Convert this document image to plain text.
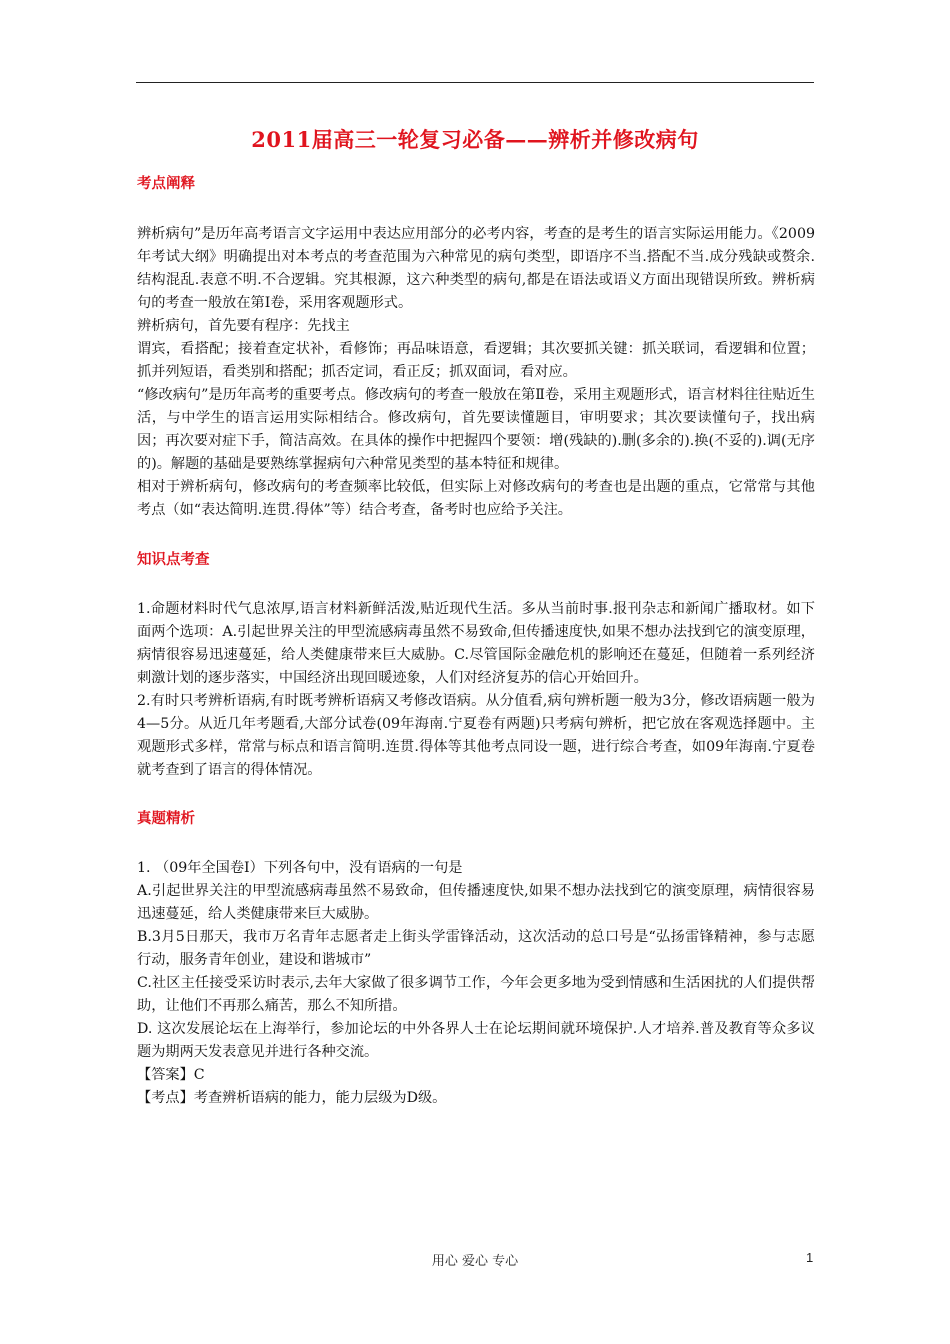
2011届高三一轮复习必备——辨析并修改病句

考点阐释

辨析病句”是历年高考语言文字运用中表达应用部分的必考内容，考查的是考生的语言实际运用能力。《2009年考试大纲》明确提出对本考点的考查范围为六种常见的病句类型，即语序不当.搭配不当.成分残缺或赘余.结构混乱.表意不明.不合逻辑。究其根源，这六种类型的病句,都是在语法或语义方面出现错误所致。辨析病句的考查一般放在第Ⅰ卷，采用客观题形式。

辨析病句，首先要有程序：先找主

谓宾，看搭配；接着查定状补，看修饰；再品味语意，看逻辑；其次要抓关键：抓关联词，看逻辑和位置；抓并列短语，看类别和搭配；抓否定词，看正反；抓双面词，看对应。

“修改病句”是历年高考的重要考点。修改病句的考查一般放在第Ⅱ卷，采用主观题形式，语言材料往往贴近生活，与中学生的语言运用实际相结合。修改病句，首先要读懂题目，审明要求；其次要读懂句子，找出病因；再次要对症下手，简洁高效。在具体的操作中把握四个要领：增(残缺的).删(多余的).换(不妥的).调(无序的)。解题的基础是要熟练掌握病句六种常见类型的基本特征和规律。

相对于辨析病句，修改病句的考查频率比较低，但实际上对修改病句的考查也是出题的重点，它常常与其他考点（如“表达简明.连贯.得体”等）结合考查，备考时也应给予关注。

知识点考查

1.命题材料时代气息浓厚,语言材料新鲜活泼,贴近现代生活。多从当前时事.报刊杂志和新闻广播取材。如下面两个选项：A.引起世界关注的甲型流感病毒虽然不易致命,但传播速度快,如果不想办法找到它的演变原理，病情很容易迅速蔓延，给人类健康带来巨大威胁。C.尽管国际金融危机的影响还在蔓延，但随着一系列经济刺激计划的逐步落实，中国经济出现回暖迹象，人们对经济复苏的信心开始回升。

2.有时只考辨析语病,有时既考辨析语病又考修改语病。从分值看,病句辨析题一般为3分，修改语病题一般为4—5分。从近几年考题看,大部分试卷(09年海南.宁夏卷有两题)只考病句辨析，把它放在客观选择题中。主观题形式多样，常常与标点和语言简明.连贯.得体等其他考点同设一题，进行综合考查，如09年海南.宁夏卷就考查到了语言的得体情况。

真题精析

1. （09年全国卷Ⅰ）下列各句中，没有语病的一句是

A.引起世界关注的甲型流感病毒虽然不易致命，但传播速度快,如果不想办法找到它的演变原理，病情很容易迅速蔓延，给人类健康带来巨大威胁。

B.3月5日那天，我市万名青年志愿者走上街头学雷锋活动，这次活动的总口号是“弘扬雷锋精神，参与志愿行动，服务青年创业，建设和谐城市”

C.社区主任接受采访时表示,去年大家做了很多调节工作，今年会更多地为受到情感和生活困扰的人们提供帮助，让他们不再那么痛苦，那么不知所措。

D. 这次发展论坛在上海举行，参加论坛的中外各界人士在论坛期间就环境保护.人才培养.普及教育等众多议题为期两天发表意见并进行各种交流。

【答案】C

【考点】考查辨析语病的能力，能力层级为D级。

用心 爱心 专心	1
